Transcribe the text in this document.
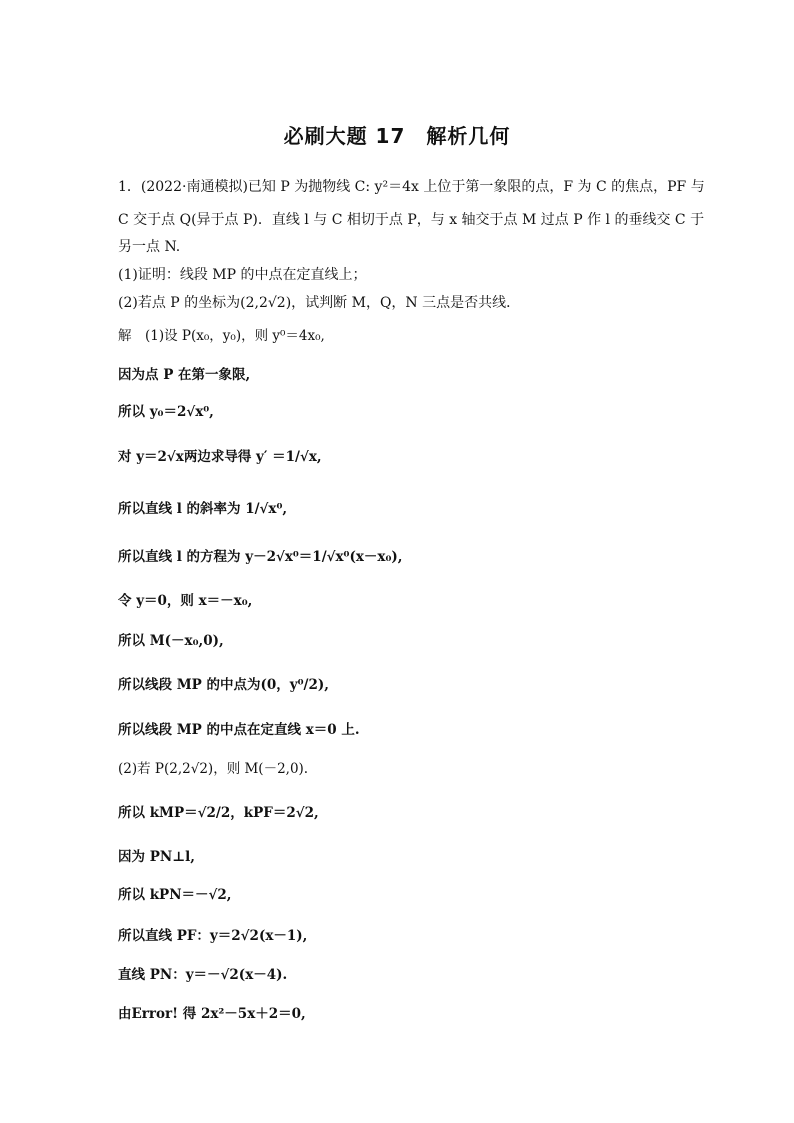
必刷大题 17　解析几何
1．(2022·南通模拟)已知 P 为抛物线 C: y²＝4x 上位于第一象限的点，F 为 C 的焦点，PF 与
C 交于点 Q(异于点 P)．直线 l 与 C 相切于点 P，与 x 轴交于点 M 过点 P 作 l 的垂线交 C 于
另一点 N.
(1)证明：线段 MP 的中点在定直线上；
(2)若点 P 的坐标为(2,2√2)，试判断 M，Q，N 三点是否共线．
解　(1)设 P(x₀，y₀)，则 y⁰＝4x₀,
因为点 P 在第一象限,
所以 y₀＝2√x⁰,
对 y＝2√x两边求导得 y′ ＝1/√x,
所以直线 l 的斜率为 1/√x⁰,
所以直线 l 的方程为 y－2√x⁰＝1/√x⁰(x－x₀),
令 y＝0，则 x＝－x₀,
所以 M(－x₀,0),
所以线段 MP 的中点为(0，y⁰/2),
所以线段 MP 的中点在定直线 x＝0 上.
(2)若 P(2,2√2)，则 M(－2,0).
所以 kMP＝√2/2，kPF＝2√2,
因为 PN⊥l,
所以 kPN＝－√2,
所以直线 PF：y＝2√2(x－1),
直线 PN：y＝－√2(x－4).
由Error! 得 2x²－5x＋2＝0,
